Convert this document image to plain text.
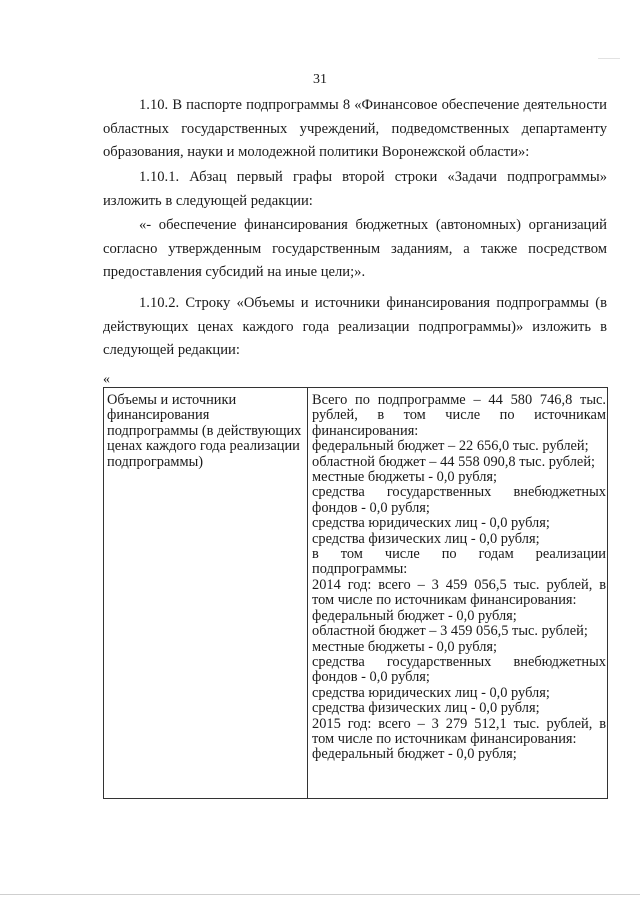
31

1.10. В паспорте подпрограммы 8 «Финансовое обеспечение деятельности областных государственных учреждений, подведомственных департаменту образования, науки и молодежной политики Воронежской области»:

1.10.1. Абзац первый графы второй строки «Задачи подпрограммы» изложить в следующей редакции:

«- обеспечение финансирования бюджетных (автономных) организаций согласно утвержденным государственным заданиям, а также посредством предоставления субсидий на иные цели;».

1.10.2. Строку «Объемы и источники финансирования подпрограммы (в действующих ценах каждого года реализации подпрограммы)» изложить в следующей редакции:

«
Объемы и источники
финансирования
подпрограммы (в действующих
ценах каждого года реализации
подпрограммы)
Всего по подпрограмме – 44 580 746,8 тыс.
рублей, в том числе по источникам
финансирования:
федеральный бюджет – 22 656,0 тыс. рублей;
областной бюджет – 44 558 090,8 тыс. рублей;
местные бюджеты - 0,0 рубля;
средства государственных внебюджетных
фондов - 0,0 рубля;
средства юридических лиц - 0,0 рубля;
средства физических лиц - 0,0 рубля;
в том числе по годам реализации
подпрограммы:
2014 год: всего – 3 459 056,5 тыс. рублей, в
том числе по источникам финансирования:
федеральный бюджет - 0,0 рубля;
областной бюджет – 3 459 056,5 тыс. рублей;
местные бюджеты - 0,0 рубля;
средства государственных внебюджетных
фондов - 0,0 рубля;
средства юридических лиц - 0,0 рубля;
средства физических лиц - 0,0 рубля;
2015 год: всего – 3 279 512,1 тыс. рублей, в
том числе по источникам финансирования:
федеральный бюджет - 0,0 рубля;
